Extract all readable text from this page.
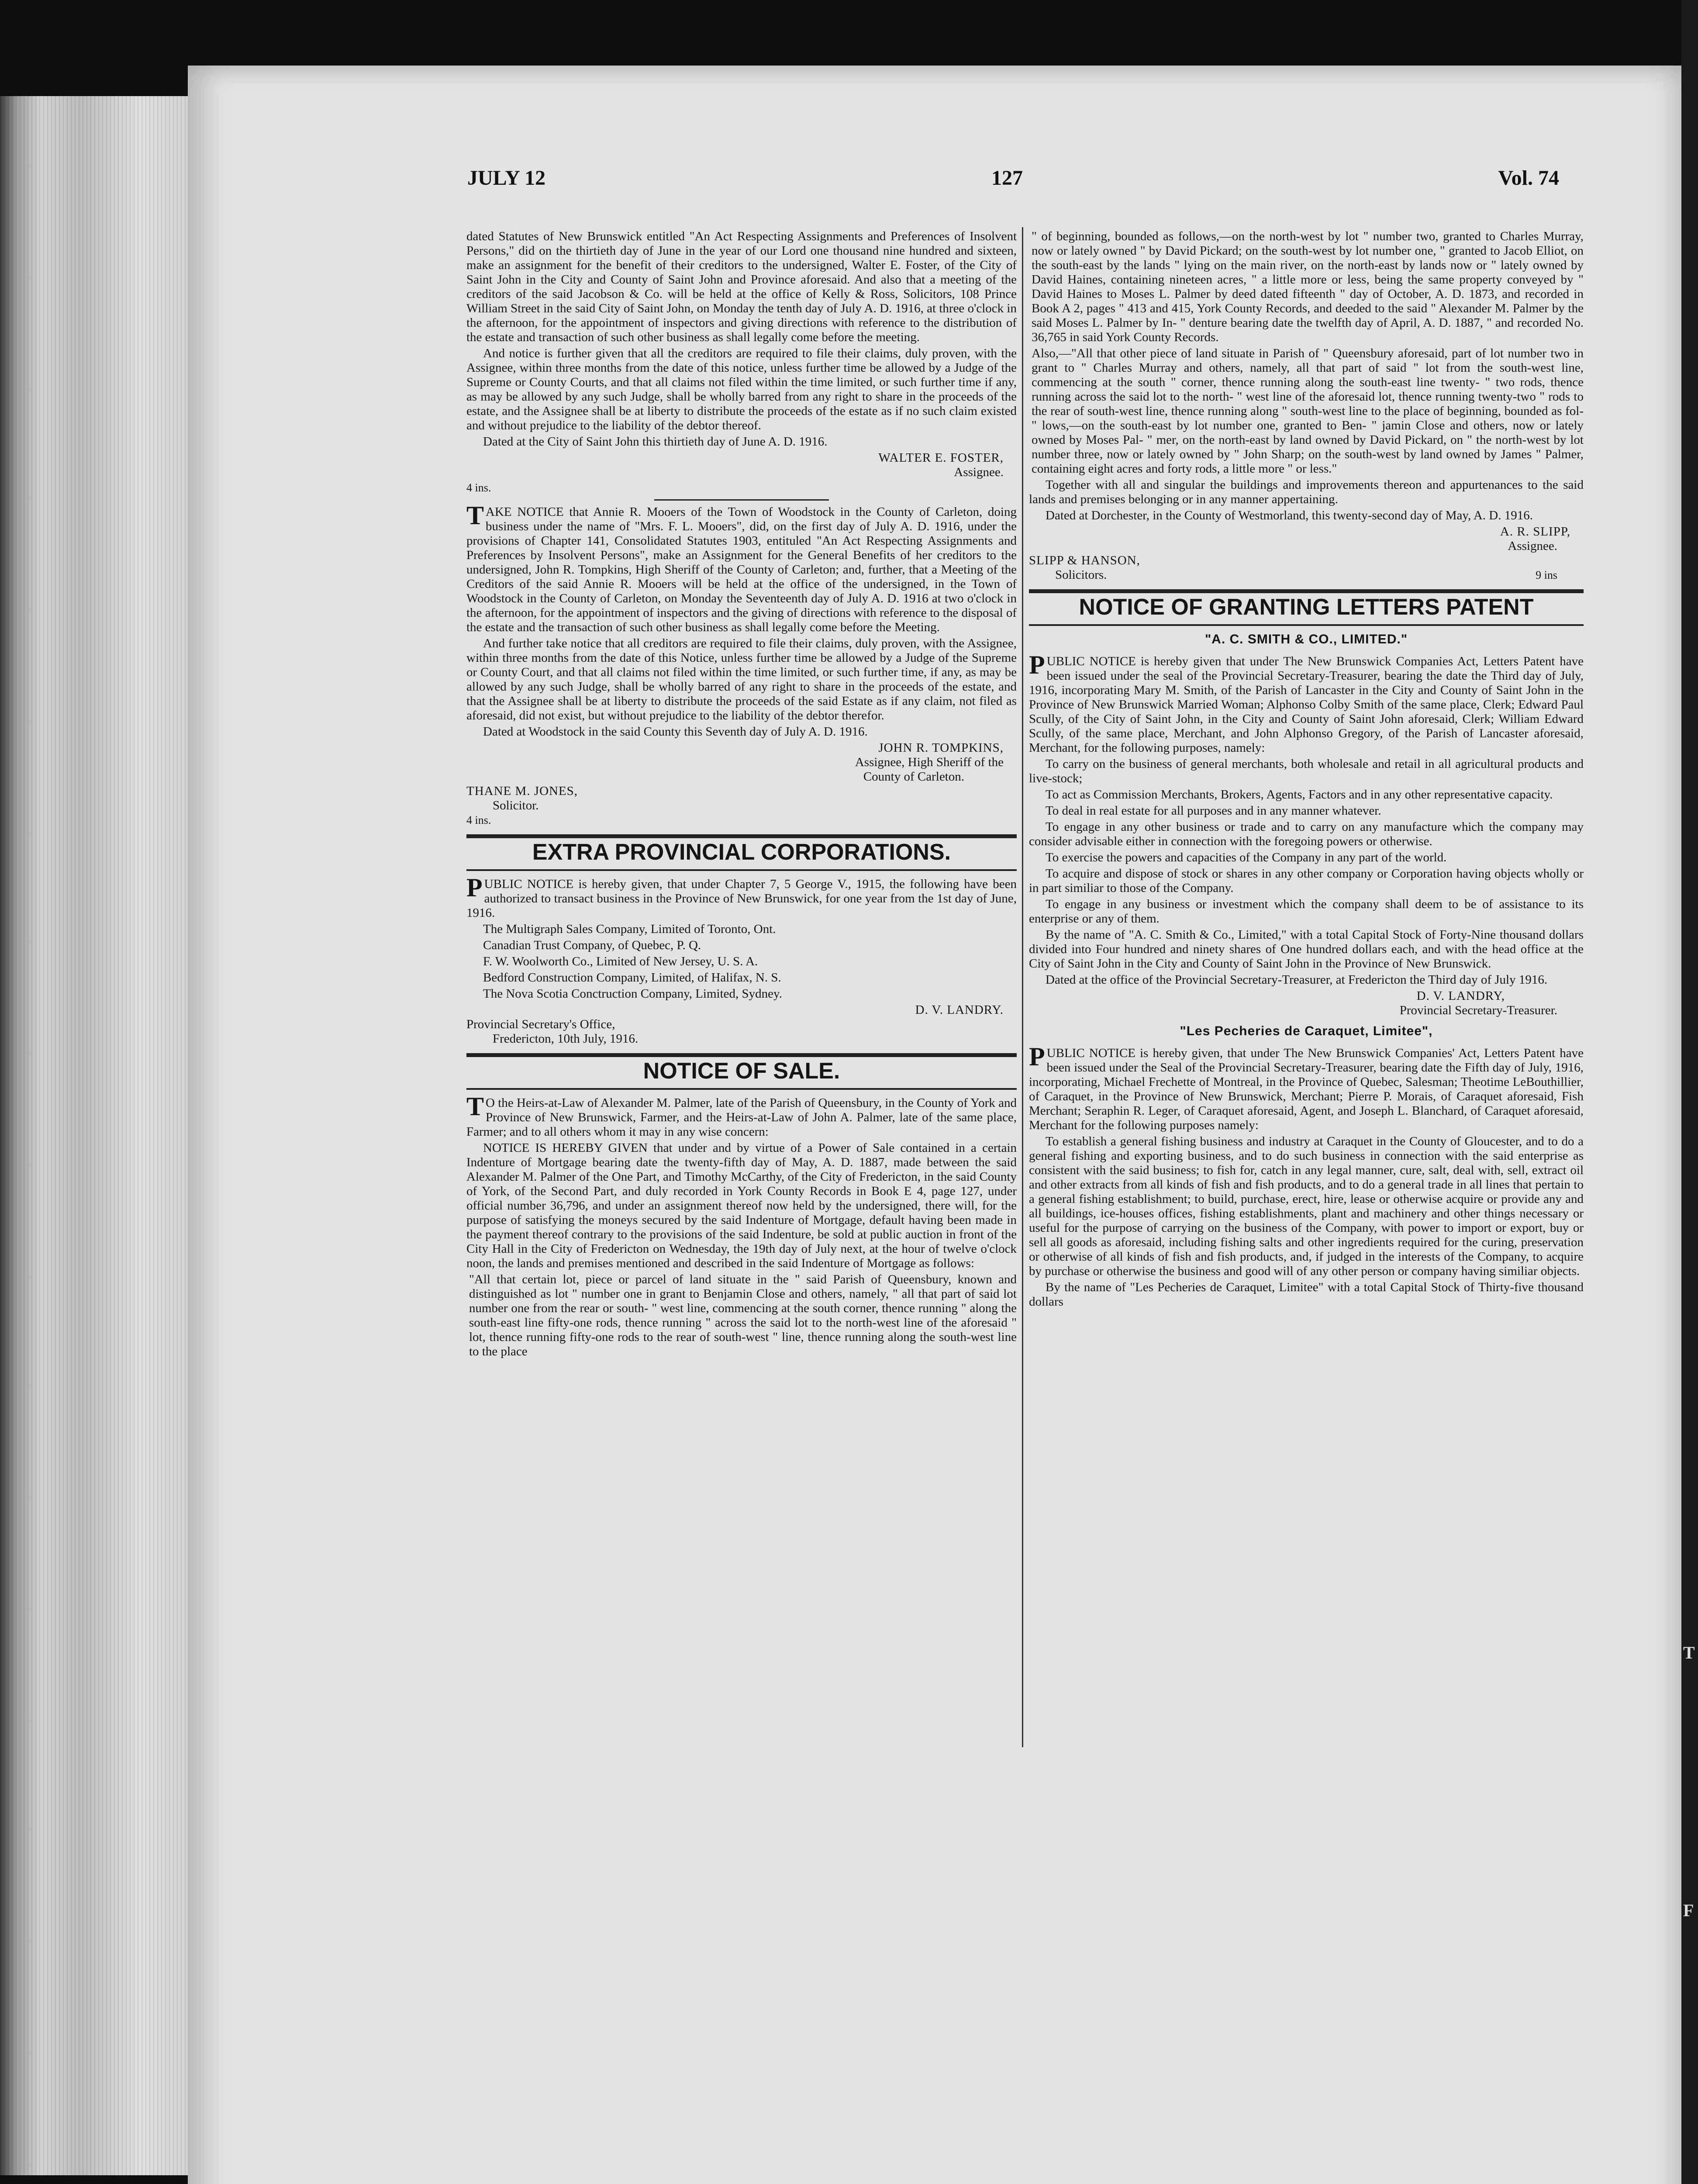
T
F
JULY 12	127	Vol. 74

dated Statutes of New Brunswick entitled "An Act Respecting Assignments and Preferences of Insolvent Persons," did on the thirtieth day of June in the year of our Lord one thousand nine hundred and sixteen, make an assignment for the benefit of their creditors to the undersigned, Walter E. Foster, of the City of Saint John in the City and County of Saint John and Province aforesaid. And also that a meeting of the creditors of the said Jacobson & Co. will be held at the office of Kelly & Ross, Solicitors, 108 Prince William Street in the said City of Saint John, on Monday the tenth day of July A. D. 1916, at three o'clock in the afternoon, for the appointment of inspectors and giving directions with reference to the distribution of the estate and transaction of such other business as shall legally come before the meeting.

And notice is further given that all the creditors are required to file their claims, duly proven, with the Assignee, within three months from the date of this notice, unless further time be allowed by a Judge of the Supreme or County Courts, and that all claims not filed within the time limited, or such further time if any, as may be allowed by any such Judge, shall be wholly barred from any right to share in the proceeds of the estate, and the Assignee shall be at liberty to distribute the proceeds of the estate as if no such claim existed and without prejudice to the liability of the debtor thereof.

Dated at the City of Saint John this thirtieth day of June A. D. 1916.

WALTER E. FOSTER,
Assignee.
4 ins.

TAKE NOTICE that Annie R. Mooers of the Town of Woodstock in the County of Carleton, doing business under the name of "Mrs. F. L. Mooers", did, on the first day of July A. D. 1916, under the provisions of Chapter 141, Consolidated Statutes 1903, entituled "An Act Respecting Assignments and Preferences by Insolvent Persons", make an Assignment for the General Benefits of her creditors to the undersigned, John R. Tompkins, High Sheriff of the County of Carleton; and, further, that a Meeting of the Creditors of the said Annie R. Mooers will be held at the office of the undersigned, in the Town of Woodstock in the County of Carleton, on Monday the Seventeenth day of July A. D. 1916 at two o'clock in the afternoon, for the appointment of inspectors and the giving of directions with reference to the disposal of the estate and the transaction of such other business as shall legally come before the Meeting.

And further take notice that all creditors are required to file their claims, duly proven, with the Assignee, within three months from the date of this Notice, unless further time be allowed by a Judge of the Supreme or County Court, and that all claims not filed within the time limited, or such further time, if any, as may be allowed by any such Judge, shall be wholly barred of any right to share in the proceeds of the estate, and that the Assignee shall be at liberty to distribute the proceeds of the said Estate as if any claim, not filed as aforesaid, did not exist, but without prejudice to the liability of the debtor therefor.

Dated at Woodstock in the said County this Seventh day of July A. D. 1916.

JOHN R. TOMPKINS,
Assignee, High Sheriff of the
County of Carleton.
THANE M. JONES,
Solicitor.
4 ins.
EXTRA PROVINCIAL CORPORATIONS.

PUBLIC NOTICE is hereby given, that under Chapter 7, 5 George V., 1915, the following have been authorized to transact business in the Province of New Brunswick, for one year from the 1st day of June, 1916.

The Multigraph Sales Company, Limited of Toronto, Ont.

Canadian Trust Company, of Quebec, P. Q.

F. W. Woolworth Co., Limited of New Jersey, U. S. A.

Bedford Construction Company, Limited, of Halifax, N. S.

The Nova Scotia Conctruction Company, Limited, Sydney.

D. V. LANDRY.
Provincial Secretary's Office,
Fredericton, 10th July, 1916.
NOTICE OF SALE.

T O the Heirs-at-Law of Alexander M. Palmer, late of the Parish of Queensbury, in the County of York and Province of New Brunswick, Farmer, and the Heirs-at-Law of John A. Palmer, late of the same place, Farmer; and to all others whom it may in any wise concern:

NOTICE IS HEREBY GIVEN that under and by virtue of a Power of Sale contained in a certain Indenture of Mortgage bearing date the twenty-fifth day of May, A. D. 1887, made between the said Alexander M. Palmer of the One Part, and Timothy McCarthy, of the City of Fredericton, in the said County of York, of the Second Part, and duly recorded in York County Records in Book E 4, page 127, under official number 36,796, and under an assignment thereof now held by the undersigned, there will, for the purpose of satisfying the moneys secured by the said Indenture of Mortgage, default having been made in the payment thereof contrary to the provisions of the said Indenture, be sold at public auction in front of the City Hall in the City of Fredericton on Wednesday, the 19th day of July next, at the hour of twelve o'clock noon, the lands and premises mentioned and described in the said Indenture of Mortgage as follows:

"All that certain lot, piece or parcel of land situate in the " said Parish of Queensbury, known and distinguished as lot " number one in grant to Benjamin Close and others, namely, " all that part of said lot number one from the rear or south- " west line, commencing at the south corner, thence running " along the south-east line fifty-one rods, thence running " across the said lot to the north-west line of the aforesaid " lot, thence running fifty-one rods to the rear of south-west " line, thence running along the south-west line to the place

" of beginning, bounded as follows,—on the north-west by lot " number two, granted to Charles Murray, now or lately owned " by David Pickard; on the south-west by lot number one, " granted to Jacob Elliot, on the south-east by the lands " lying on the main river, on the north-east by lands now or " lately owned by David Haines, containing nineteen acres, " a little more or less, being the same property conveyed by " David Haines to Moses L. Palmer by deed dated fifteenth " day of October, A. D. 1873, and recorded in Book A 2, pages " 413 and 415, York County Records, and deeded to the said " Alexander M. Palmer by the said Moses L. Palmer by In- " denture bearing date the twelfth day of April, A. D. 1887, " and recorded No. 36,765 in said York County Records.

Also,—"All that other piece of land situate in Parish of " Queensbury aforesaid, part of lot number two in grant to " Charles Murray and others, namely, all that part of said " lot from the south-west line, commencing at the south " corner, thence running along the south-east line twenty- " two rods, thence running across the said lot to the north- " west line of the aforesaid lot, thence running twenty-two " rods to the rear of south-west line, thence running along " south-west line to the place of beginning, bounded as fol- " lows,—on the south-east by lot number one, granted to Ben- " jamin Close and others, now or lately owned by Moses Pal- " mer, on the north-east by land owned by David Pickard, on " the north-west by lot number three, now or lately owned by " John Sharp; on the south-west by land owned by James " Palmer, containing eight acres and forty rods, a little more " or less."

Together with all and singular the buildings and improvements thereon and appurtenances to the said lands and premises belonging or in any manner appertaining.

Dated at Dorchester, in the County of Westmorland, this twenty-second day of May, A. D. 1916.

A. R. SLIPP,
Assignee.
SLIPP & HANSON,
Solicitors.	9 ins
NOTICE OF GRANTING LETTERS PATENT
"A. C. SMITH & CO., LIMITED."

PUBLIC NOTICE is hereby given that under The New Brunswick Companies Act, Letters Patent have been issued under the seal of the Provincial Secretary-Treasurer, bearing the date the Third day of July, 1916, incorporating Mary M. Smith, of the Parish of Lancaster in the City and County of Saint John in the Province of New Brunswick Married Woman; Alphonso Colby Smith of the same place, Clerk; Edward Paul Scully, of the City of Saint John, in the City and County of Saint John aforesaid, Clerk; William Edward Scully, of the same place, Merchant, and John Alphonso Gregory, of the Parish of Lancaster aforesaid, Merchant, for the following purposes, namely:

To carry on the business of general merchants, both wholesale and retail in all agricultural products and live-stock;

To act as Commission Merchants, Brokers, Agents, Factors and in any other representative capacity.

To deal in real estate for all purposes and in any manner whatever.

To engage in any other business or trade and to carry on any manufacture which the company may consider advisable either in connection with the foregoing powers or otherwise.

To exercise the powers and capacities of the Company in any part of the world.

To acquire and dispose of stock or shares in any other company or Corporation having objects wholly or in part similiar to those of the Company.

To engage in any business or investment which the company shall deem to be of assistance to its enterprise or any of them.

By the name of "A. C. Smith & Co., Limited," with a total Capital Stock of Forty-Nine thousand dollars divided into Four hundred and ninety shares of One hundred dollars each, and with the head office at the City of Saint John in the City and County of Saint John in the Province of New Brunswick.

Dated at the office of the Provincial Secretary-Treasurer, at Fredericton the Third day of July 1916.

D. V. LANDRY,
Provincial Secretary-Treasurer.
"Les Pecheries de Caraquet, Limitee",

PUBLIC NOTICE is hereby given, that under The New Brunswick Companies' Act, Letters Patent have been issued under the Seal of the Provincial Secretary-Treasurer, bearing date the Fifth day of July, 1916, incorporating, Michael Frechette of Montreal, in the Province of Quebec, Salesman; Theotime LeBouthillier, of Caraquet, in the Province of New Brunswick, Merchant; Pierre P. Morais, of Caraquet aforesaid, Fish Merchant; Seraphin R. Leger, of Caraquet aforesaid, Agent, and Joseph L. Blanchard, of Caraquet aforesaid, Merchant for the following purposes namely:

To establish a general fishing business and industry at Caraquet in the County of Gloucester, and to do a general fishing and exporting business, and to do such business in connection with the said enterprise as consistent with the said business; to fish for, catch in any legal manner, cure, salt, deal with, sell, extract oil and other extracts from all kinds of fish and fish products, and to do a general trade in all lines that pertain to a general fishing establishment; to build, purchase, erect, hire, lease or otherwise acquire or provide any and all buildings, ice-houses offices, fishing establishments, plant and machinery and other things necessary or useful for the purpose of carrying on the business of the Company, with power to import or export, buy or sell all goods as aforesaid, including fishing salts and other ingredients required for the curing, preservation or otherwise of all kinds of fish and fish products, and, if judged in the interests of the Company, to acquire by purchase or otherwise the business and good will of any other person or company having similiar objects.

By the name of "Les Pecheries de Caraquet, Limitee" with a total Capital Stock of Thirty-five thousand dollars
